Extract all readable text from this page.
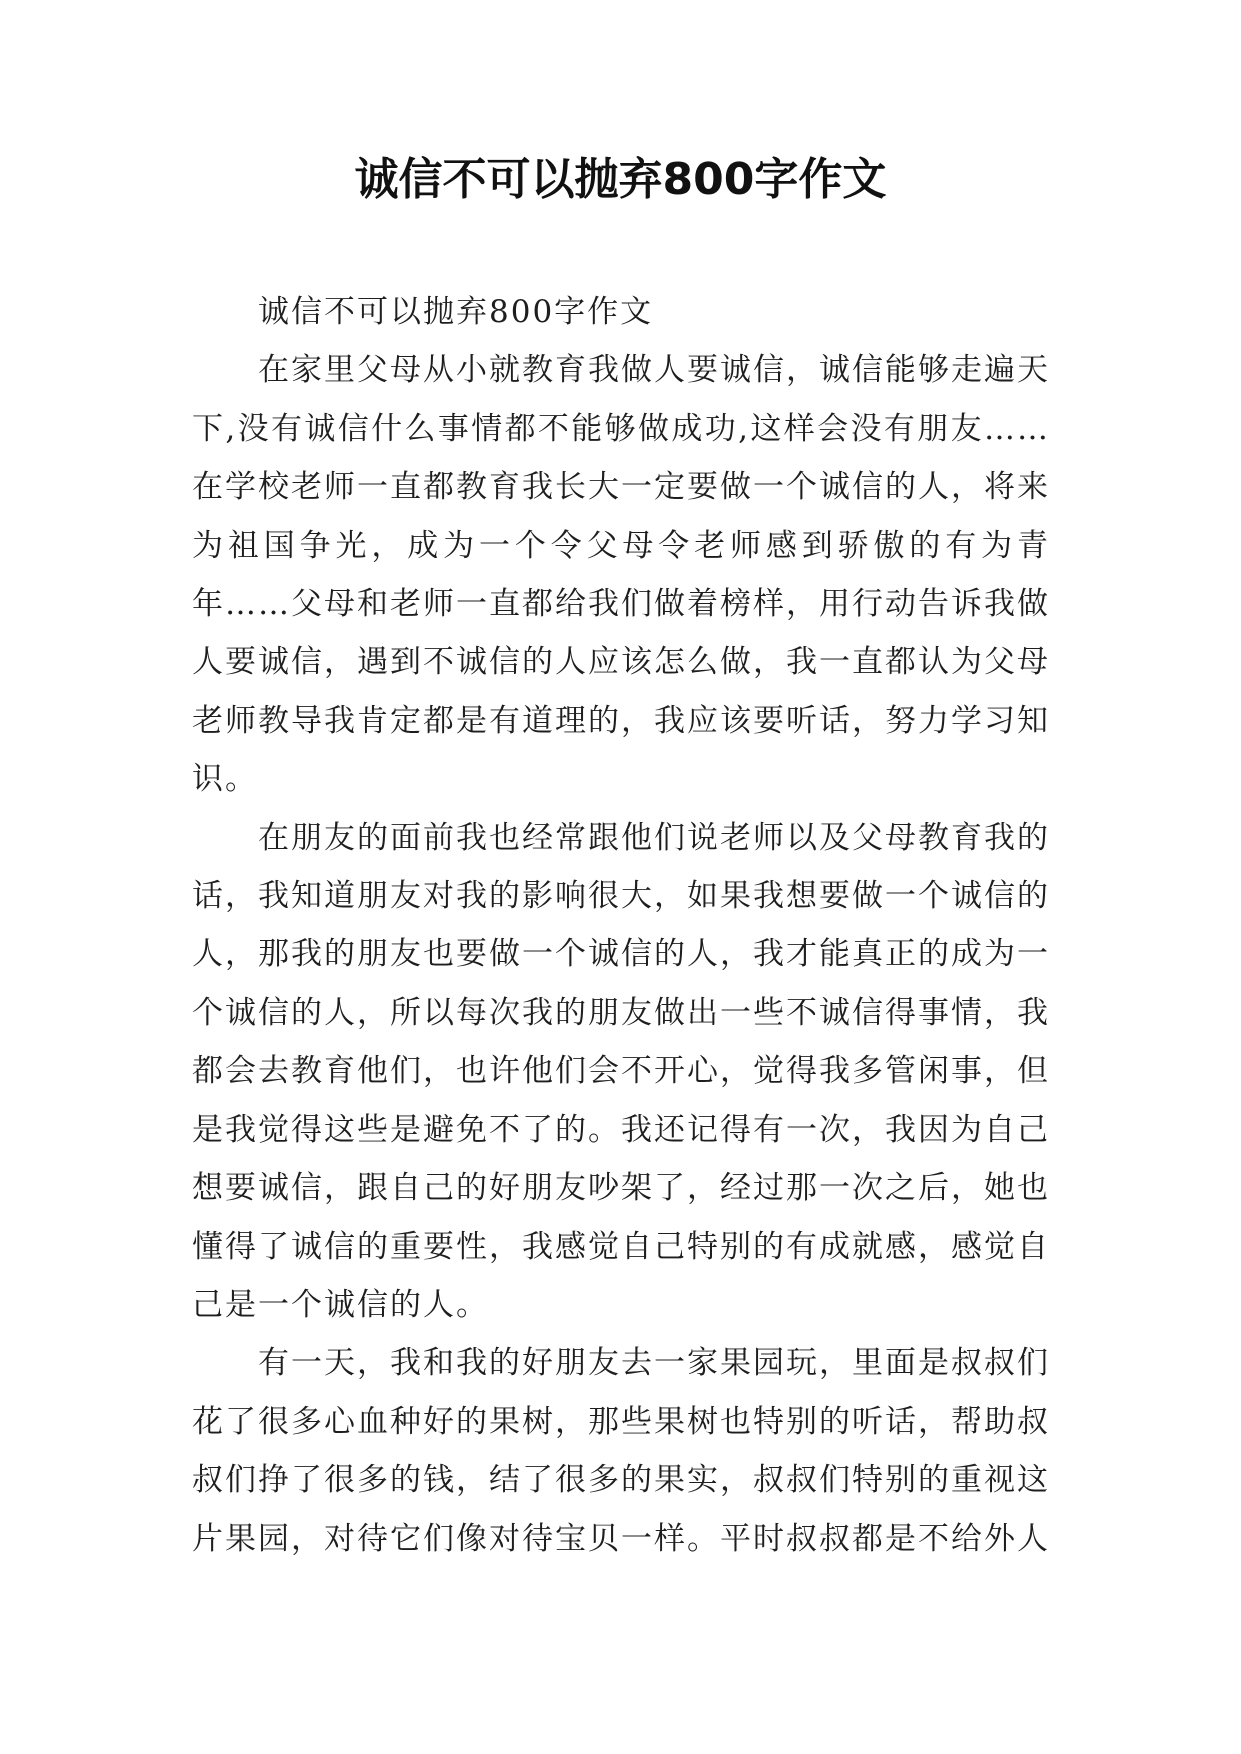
诚信不可以抛弃800字作文

诚信不可以抛弃800字作文

在家里父母从小就教育我做人要诚信，诚信能够走遍天下,没有诚信什么事情都不能够做成功,这样会没有朋友……在学校老师一直都教育我长大一定要做一个诚信的人，将来为祖国争光，成为一个令父母令老师感到骄傲的有为青年……父母和老师一直都给我们做着榜样，用行动告诉我做人要诚信，遇到不诚信的人应该怎么做，我一直都认为父母老师教导我肯定都是有道理的，我应该要听话，努力学习知识。

在朋友的面前我也经常跟他们说老师以及父母教育我的话，我知道朋友对我的影响很大，如果我想要做一个诚信的人，那我的朋友也要做一个诚信的人，我才能真正的成为一个诚信的人，所以每次我的朋友做出一些不诚信得事情，我都会去教育他们，也许他们会不开心，觉得我多管闲事，但是我觉得这些是避免不了的。我还记得有一次，我因为自己想要诚信，跟自己的好朋友吵架了，经过那一次之后，她也懂得了诚信的重要性，我感觉自己特别的有成就感，感觉自己是一个诚信的人。

有一天，我和我的好朋友去一家果园玩，里面是叔叔们花了很多心血种好的果树，那些果树也特别的听话，帮助叔叔们挣了很多的钱，结了很多的果实，叔叔们特别的重视这片果园，对待它们像对待宝贝一样。平时叔叔都是不给外人
